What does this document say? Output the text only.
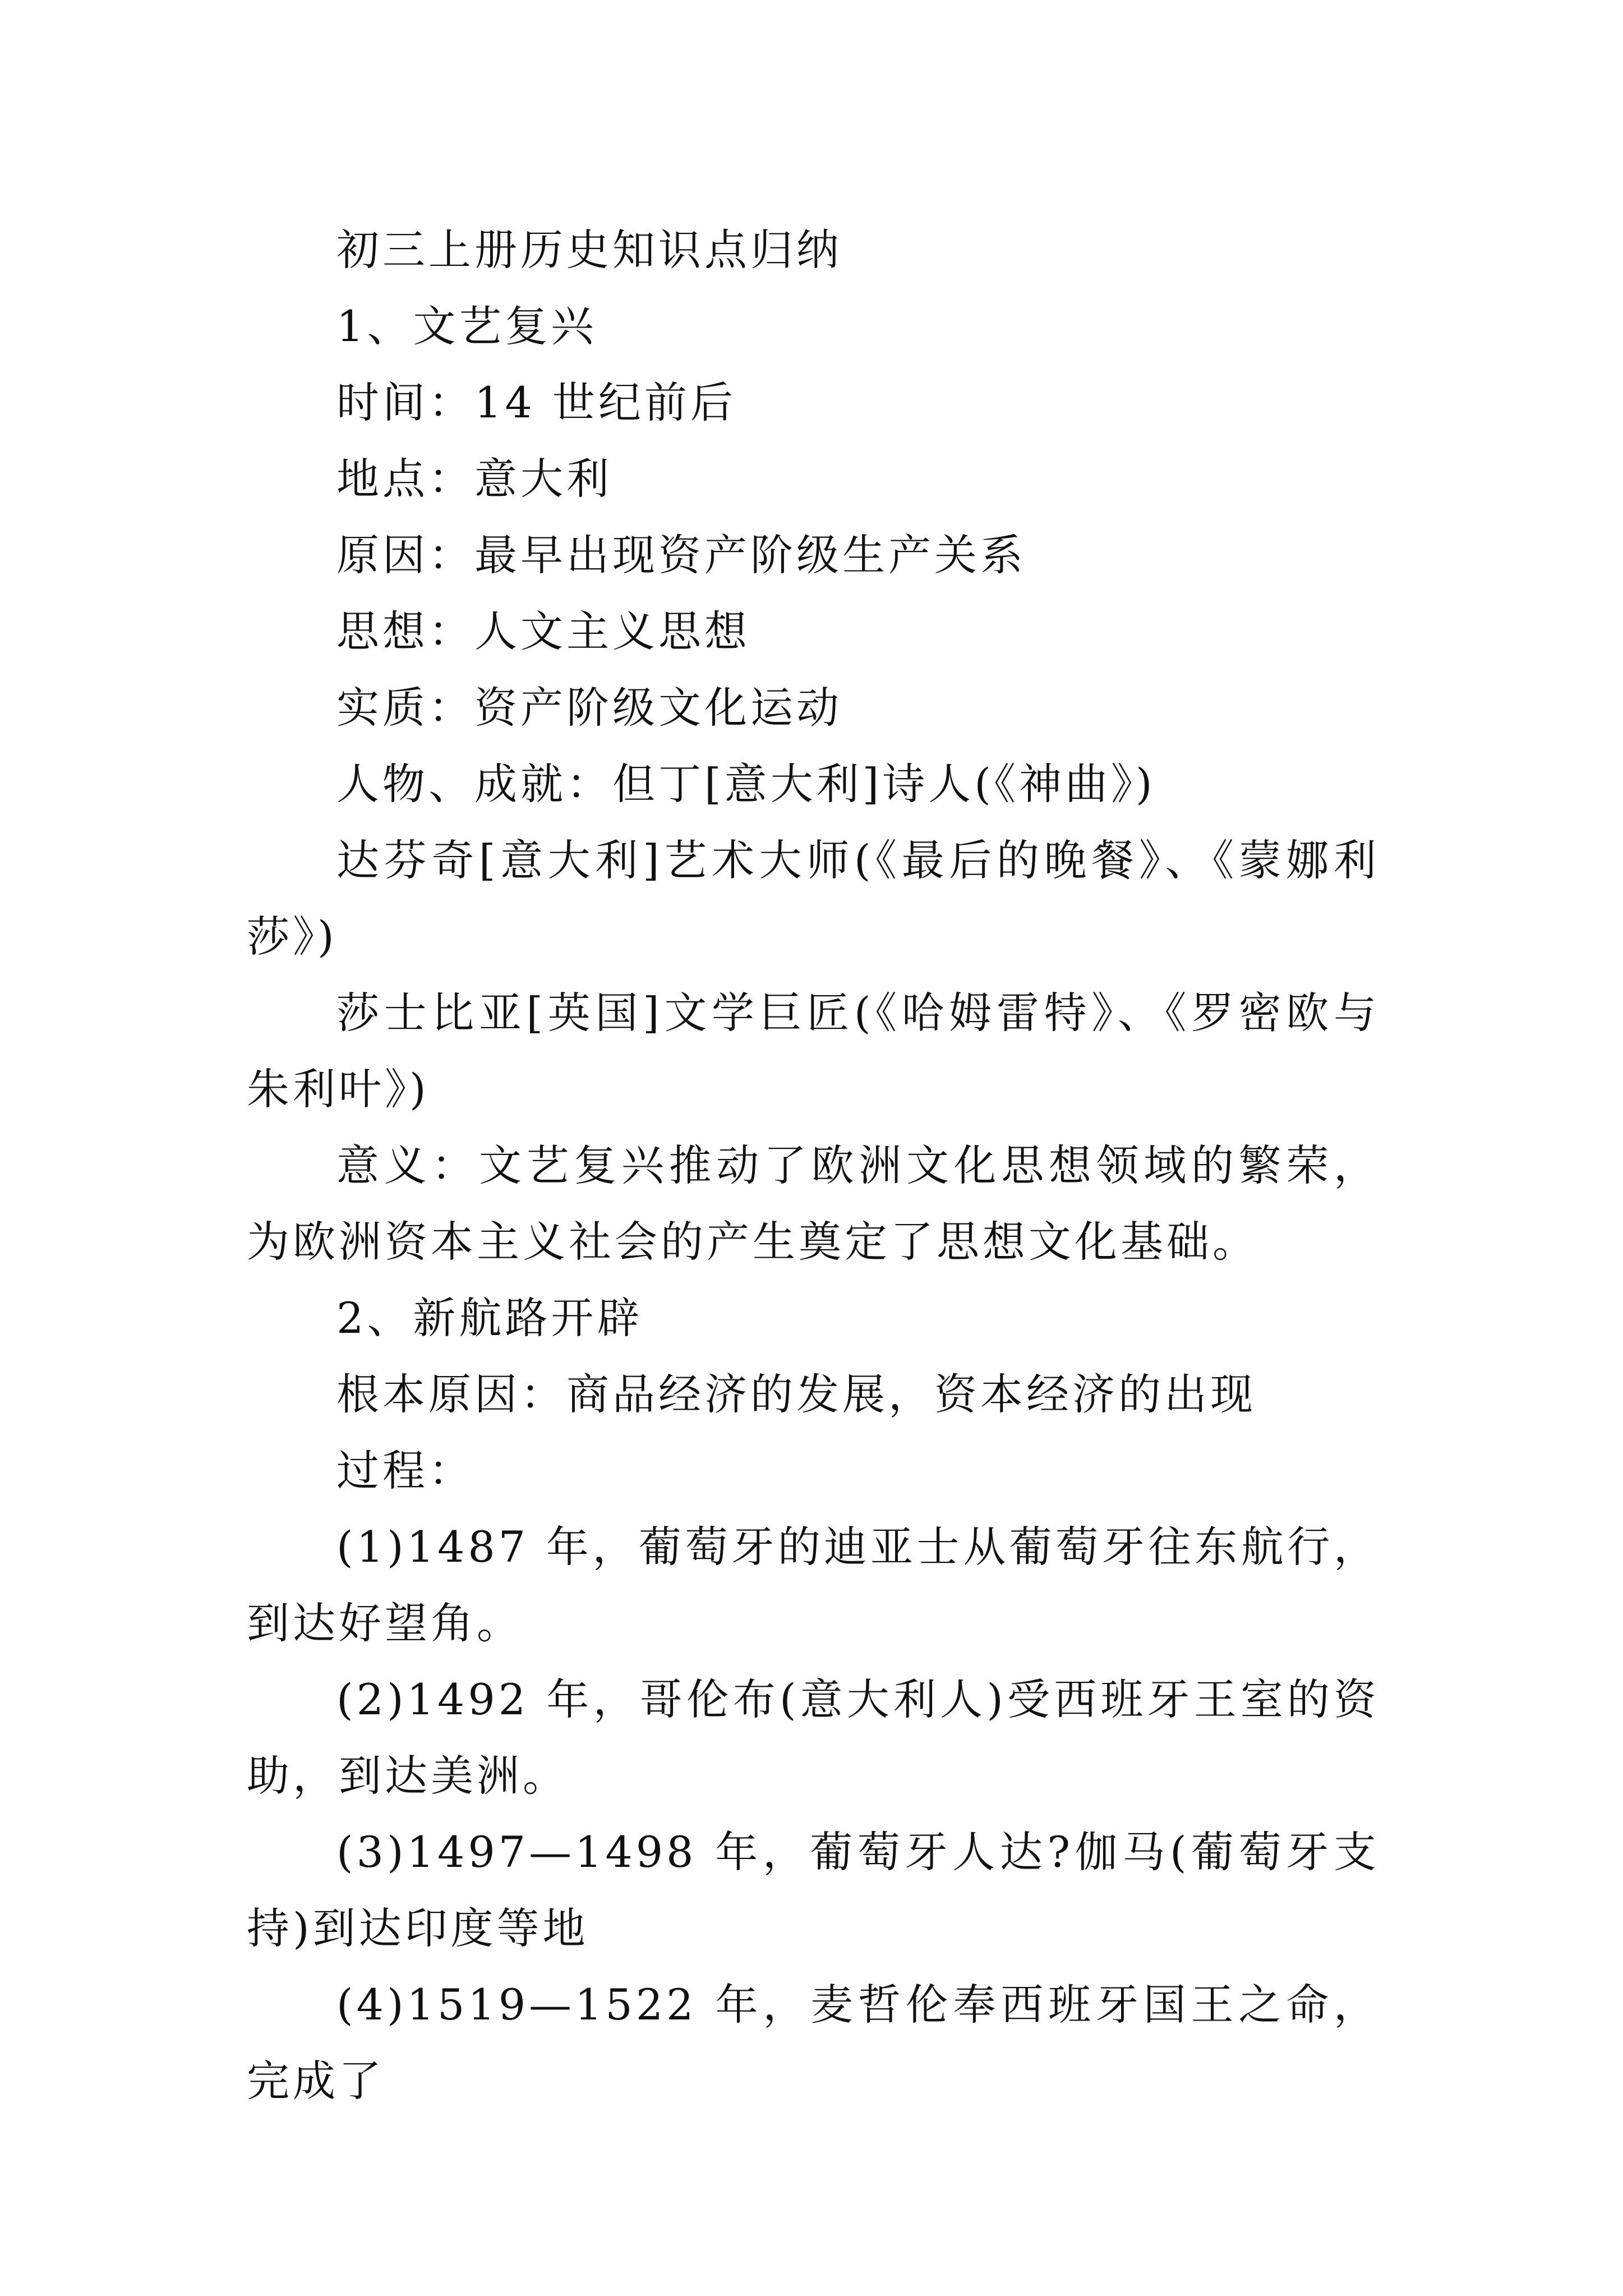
初三上册历史知识点归纳

1、文艺复兴

时间：14 世纪前后

地点：意大利

原因：最早出现资产阶级生产关系

思想：人文主义思想

实质：资产阶级文化运动

人物、成就：但丁[意大利]诗人(《神曲》)

达芬奇[意大利]艺术大师(《最后的晚餐》、《蒙娜利莎》)

莎士比亚[英国]文学巨匠(《哈姆雷特》、《罗密欧与朱利叶》)

意义：文艺复兴推动了欧洲文化思想领域的繁荣，为欧洲资本主义社会的产生奠定了思想文化基础。

2、新航路开辟

根本原因：商品经济的发展，资本经济的出现

过程：

(1)1487 年，葡萄牙的迪亚士从葡萄牙往东航行，到达好望角。

(2)1492 年，哥伦布(意大利人)受西班牙王室的资助，到达美洲。

(3)1497—1498 年，葡萄牙人达?伽马(葡萄牙支持)到达印度等地

(4)1519—1522 年，麦哲伦奉西班牙国王之命，完成了
